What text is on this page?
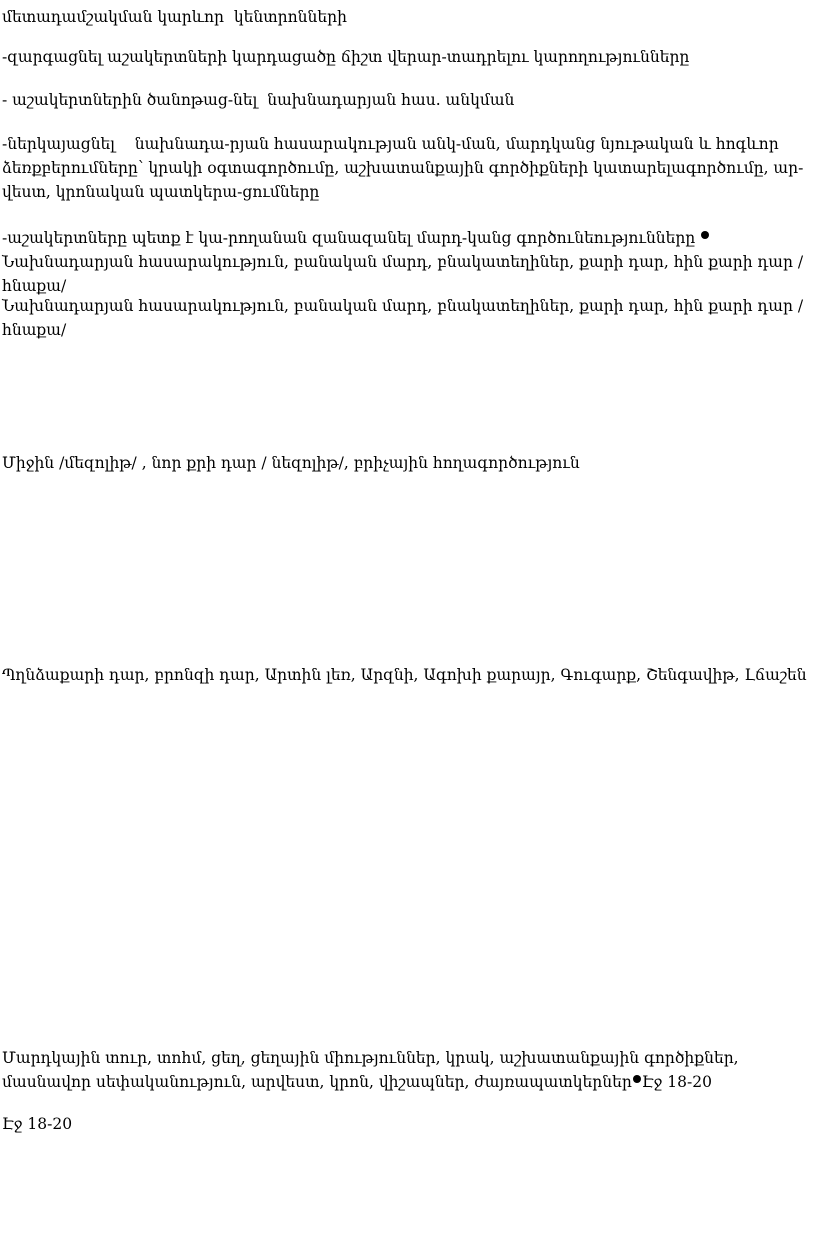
մետադամշակման կարևոր  կենտրոնների

-զարգացնել աշակերտների կարդացածը ճիշտ վերար-տադրելու կարողությունները

- աշակերտներին ծանոթաց-նել  նախնադարյան հաս. անկման

-ներկայացնել    նախնադա-րյան հասարակության անկ-ման, մարդկանց նյութական և հոգևոր ձեռքբերումները՝ կրակի օգտագործումը, աշխատանքային գործիքների կատարելագործումը, ար-վեստ, կրոնական պատկերա-ցումները

-աշակերտները պետք է կա-րողանան զանազանել մարդ-կանց գործունեությունները Նախնադարյան հասարակություն, բանական մարդ, բնակատեղիներ, քարի դար, հին քարի դար /հնաքա/

Նախնադարյան հասարակություն, բանական մարդ, բնակատեղիներ, քարի դար, հին քարի դար /հնաքա/

Միջին /մեզոլիթ/ , նոր քրի դար / նեզոլիթ/, բրիչային հողագործություն

Պղնձաքարի դար, բրոնզի դար, Արտին լեռ, Արզնի, Ագոխի քարայր, Գուգարք, Շենգավիթ, Լճաշեն

Մարդկային տուր, տոհմ, ցեղ, ցեղային միություններ, կրակ, աշխատանքային գործիքներ, մասնավոր սեփականություն, արվեստ, կրոն, վիշապներ, ժայռապատկերներ Էջ 18-20

Էջ 18-20
